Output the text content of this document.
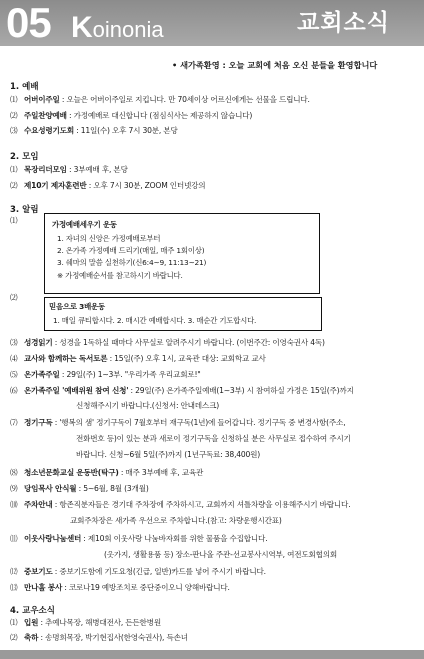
05 Koinonia	교회소식
• 새가족환영 : 오늘 교회에 처음 오신 분들을 환영합니다
1. 예배
⑴ 어버이주일 : 오늘은 어버이주일로 지킵니다. 만 70세이상 어르신에게는 선물을 드립니다.
⑵ 주일찬양예배 : 가정예배로 대신합니다 (점심식사는 제공하지 않습니다)
⑶ 수요성령기도회 : 11일(수) 오후 7시 30분, 본당
2. 모임
⑴ 목장리더모임 : 3부예배 후, 본당
⑵ 제10기 제자훈련반 : 오후 7시 30분, ZOOM 인터넷강의
3. 알림
⑴	가정예배세우기 운동
1. 자녀의 신앙은 가정예배로부터
2. 온가족 가정예배 드리기(매일, 매주 1회이상)
3. 쉐마의 말씀 실천하기(신6:4~9, 11:13~21)
※ 가정예배순서를 참고하시기 바랍니다.
⑵
믿음으로 3배운동
1. 매일 큐티합시다. 2. 매시간 예배합시다. 3. 매순간 기도합시다.
⑶ 성경읽기 : 성경을 1독하실 때마다 사무실로 알려주시기 바랍니다. (이번주간: 이영숙권사 4독)
⑷ 교사와 함께하는 독서토론 : 15일(주) 오후 1시, 교육관 대상: 교회학교 교사
⑸ 온가족주일 : 29일(주) 1~3부. "우리가족 우리교회로!"
⑹ 온가족주일 '예배위원 참여 신청' : 29일(주) 온가족주일예배(1~3부) 시 참여하실 가정은 15일(주)까지
신청해주시기 바랍니다.(신청서: 안내데스크)
⑺ 정기구독 : '행복의 샘' 정기구독이 7월호부터 재구독(1년)에 들어갑니다. 정기구독 중 변경사항(주소,
전화번호 등)이 있는 분과 새로이 정기구독을 신청하실 분은 사무실로 접수하여 주시기
바랍니다. 신청~6월 5일(주)까지 (1년구독료: 38,400원)
⑻ 청소년문화교실 운동반(탁구) : 매주 3부예배 후, 교육관
⑼ 당임목사 안식월 : 5~6월, 8월 (3개월)
⑽ 주차안내 : 항존직분자들은 경기대 주차장에 주차하시고, 교회까지 셔틀차량을 이용해주시기 바랍니다.
교회주차장은 새가족 우선으로 주차합니다.(참고: 차량운행시간표)
⑾ 이웃사랑나눔센터 : 제10회 이웃사랑 나눔바자회를 위한 물품을 수집합니다.
(옷가지, 생활용품 등) 장소-판나올 주관-선교봉사시역부, 여전도회협의회
⑿ 중보기도 : 중보기도함에 기도요청(긴급, 일반)카드를 넣어 주시기 바랍니다.
⒀ 만나홀 봉사 : 코로나19 예방조치로 중단중이오니 양해바랍니다.
4. 교우소식
⑴ 입원 : 추예나목장, 해병대전사, 든든한병원
⑵ 축하 : 송명희목장, 박기현집사(한영숙권사), 득손녀
